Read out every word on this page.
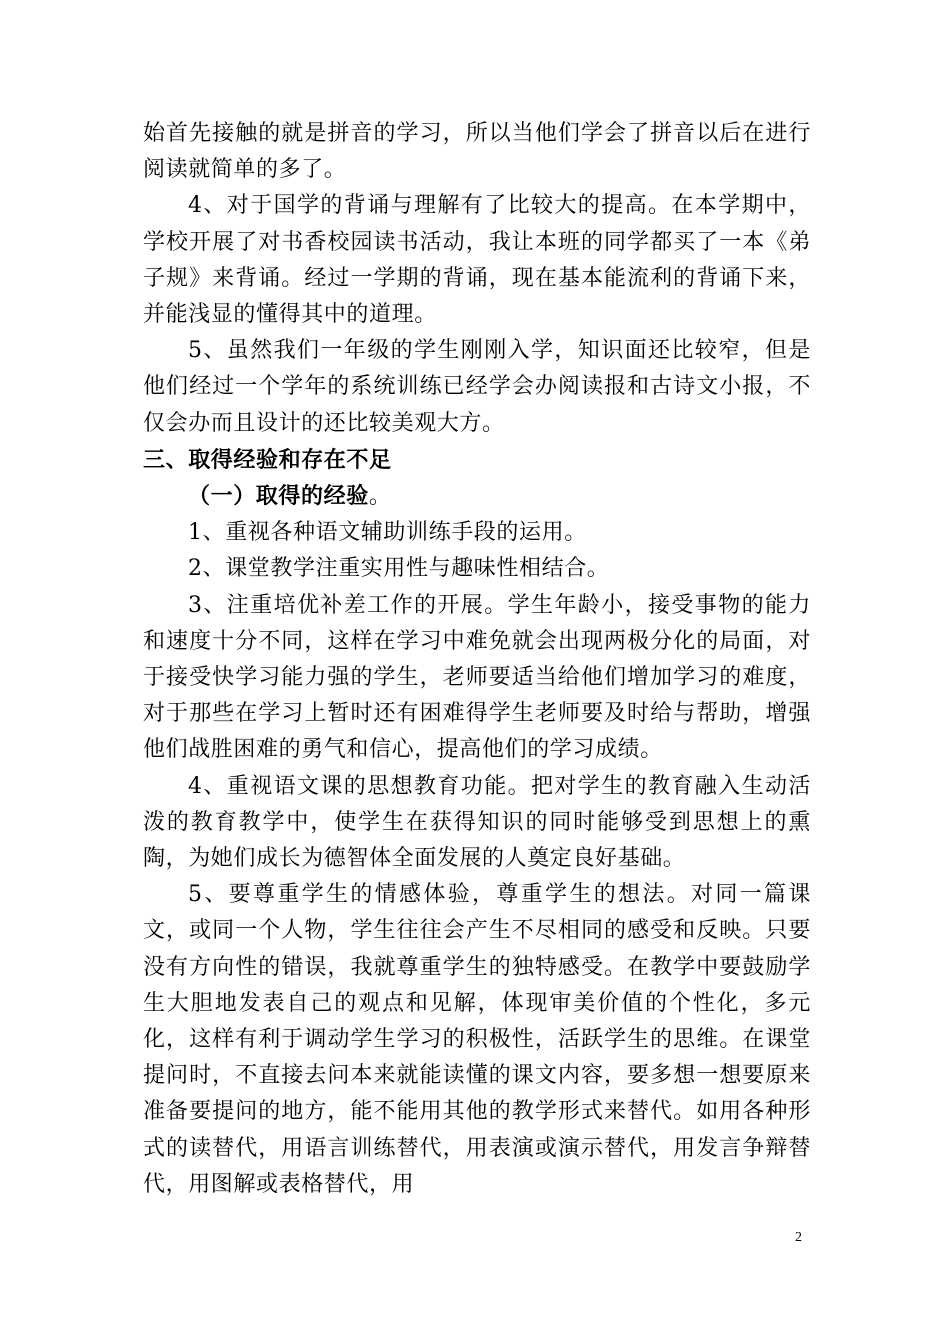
始首先接触的就是拼音的学习，所以当他们学会了拼音以后在进行阅读就简单的多了。

4、对于国学的背诵与理解有了比较大的提高。在本学期中，学校开展了对书香校园读书活动，我让本班的同学都买了一本《弟子规》来背诵。经过一学期的背诵，现在基本能流利的背诵下来，并能浅显的懂得其中的道理。

5、虽然我们一年级的学生刚刚入学，知识面还比较窄，但是他们经过一个学年的系统训练已经学会办阅读报和古诗文小报，不仅会办而且设计的还比较美观大方。

三、取得经验和存在不足

（一）取得的经验。

1、重视各种语文辅助训练手段的运用。

2、课堂教学注重实用性与趣味性相结合。

3、注重培优补差工作的开展。学生年龄小，接受事物的能力和速度十分不同，这样在学习中难免就会出现两极分化的局面，对于接受快学习能力强的学生，老师要适当给他们增加学习的难度，对于那些在学习上暂时还有困难得学生老师要及时给与帮助，增强他们战胜困难的勇气和信心，提高他们的学习成绩。

4、重视语文课的思想教育功能。把对学生的教育融入生动活泼的教育教学中，使学生在获得知识的同时能够受到思想上的熏陶，为她们成长为德智体全面发展的人奠定良好基础。

5、要尊重学生的情感体验，尊重学生的想法。对同一篇课文，或同一个人物，学生往往会产生不尽相同的感受和反映。只要没有方向性的错误，我就尊重学生的独特感受。在教学中要鼓励学生大胆地发表自己的观点和见解，体现审美价值的个性化，多元化，这样有利于调动学生学习的积极性，活跃学生的思维。在课堂提问时，不直接去问本来就能读懂的课文内容，要多想一想要原来准备要提问的地方，能不能用其他的教学形式来替代。如用各种形式的读替代，用语言训练替代，用表演或演示替代，用发言争辩替代，用图解或表格替代，用

2
